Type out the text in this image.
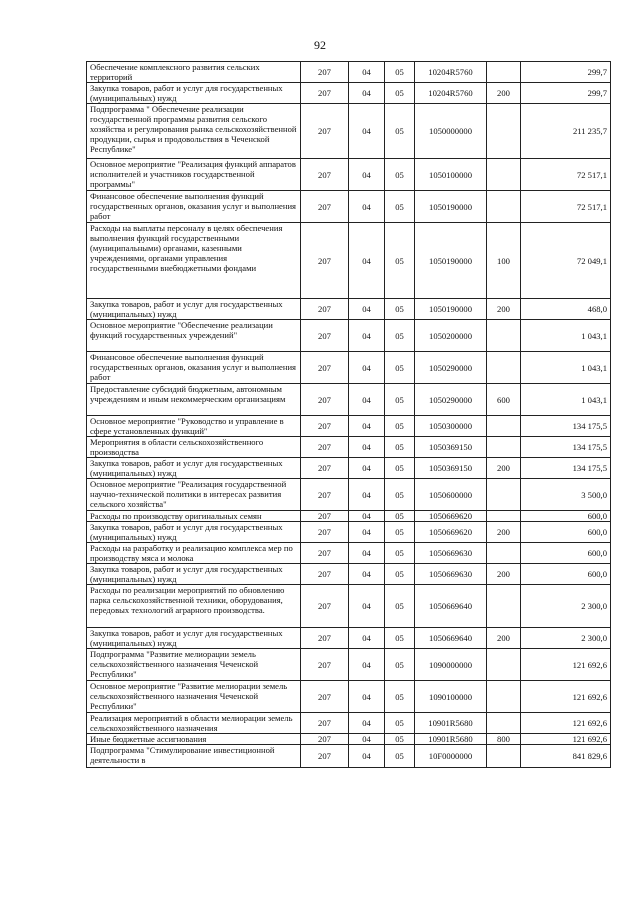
92
Обеспечение комплексного развития сельских территорий	207	04	05	10204R5760		299,7
Закупка товаров, работ и услуг для государственных (муниципальных) нужд	207	04	05	10204R5760	200	299,7
Подпрограмма " Обеспечение реализации государственной программы развития сельского хозяйства и регулирования рынка сельскохозяйственной продукции, сырья и продовольствия в Чеченской Республике"	207	04	05	1050000000		211 235,7
Основное мероприятие "Реализация функций аппаратов исполнителей и участников государственной программы"	207	04	05	1050100000		72 517,1
Финансовое обеспечение выполнения функций государственных органов, оказания услуг и выполнения работ	207	04	05	1050190000		72 517,1
Расходы на выплаты персоналу в целях обеспечения выполнения функций государственными (муниципальными) органами, казенными учреждениями, органами управления государственными внебюджетными фондами	207	04	05	1050190000	100	72 049,1
Закупка товаров, работ и услуг для государственных (муниципальных) нужд	207	04	05	1050190000	200	468,0
Основное мероприятие "Обеспечение реализации функций государственных учреждений"	207	04	05	1050200000		1 043,1
Финансовое обеспечение выполнения функций государственных органов, оказания услуг и выполнения работ	207	04	05	1050290000		1 043,1
Предоставление субсидий бюджетным, автономным учреждениям и иным некоммерческим организациям	207	04	05	1050290000	600	1 043,1
Основное мероприятие "Руководство и управление в сфере установленных функций"	207	04	05	1050300000		134 175,5
Мероприятия в области сельскохозяйственного производства	207	04	05	1050369150		134 175,5
Закупка товаров, работ и услуг для государственных (муниципальных) нужд	207	04	05	1050369150	200	134 175,5
Основное мероприятие "Реализация государственной научно-технической политики в интересах развития сельского хозяйства"	207	04	05	1050600000		3 500,0
Расходы по производству оригинальных семян	207	04	05	1050669620		600,0
Закупка товаров, работ и услуг для государственных (муниципальных) нужд	207	04	05	1050669620	200	600,0
Расходы на разработку и реализацию комплекса мер по производству мяса и молока	207	04	05	1050669630		600,0
Закупка товаров, работ и услуг для государственных (муниципальных) нужд	207	04	05	1050669630	200	600,0
Расходы по реализации мероприятий по обновлению парка сельскохозяйственной техники, оборудования, передовых технологий аграрного производства.	207	04	05	1050669640		2 300,0
Закупка товаров, работ и услуг для государственных (муниципальных) нужд	207	04	05	1050669640	200	2 300,0
Подпрограмма "Развитие мелиорации земель сельскохозяйственного назначения Чеченской Республики"	207	04	05	1090000000		121 692,6
Основное мероприятие "Развитие мелиорации земель сельскохозяйственного назначения Чеченской Республики"	207	04	05	1090100000		121 692,6
Реализация мероприятий в области мелиорации земель сельскохозяйственного назначения	207	04	05	10901R5680		121 692,6
Иные бюджетные ассигнования	207	04	05	10901R5680	800	121 692,6
Подпрограмма "Стимулирование инвестиционной деятельности в	207	04	05	10F0000000		841 829,6
